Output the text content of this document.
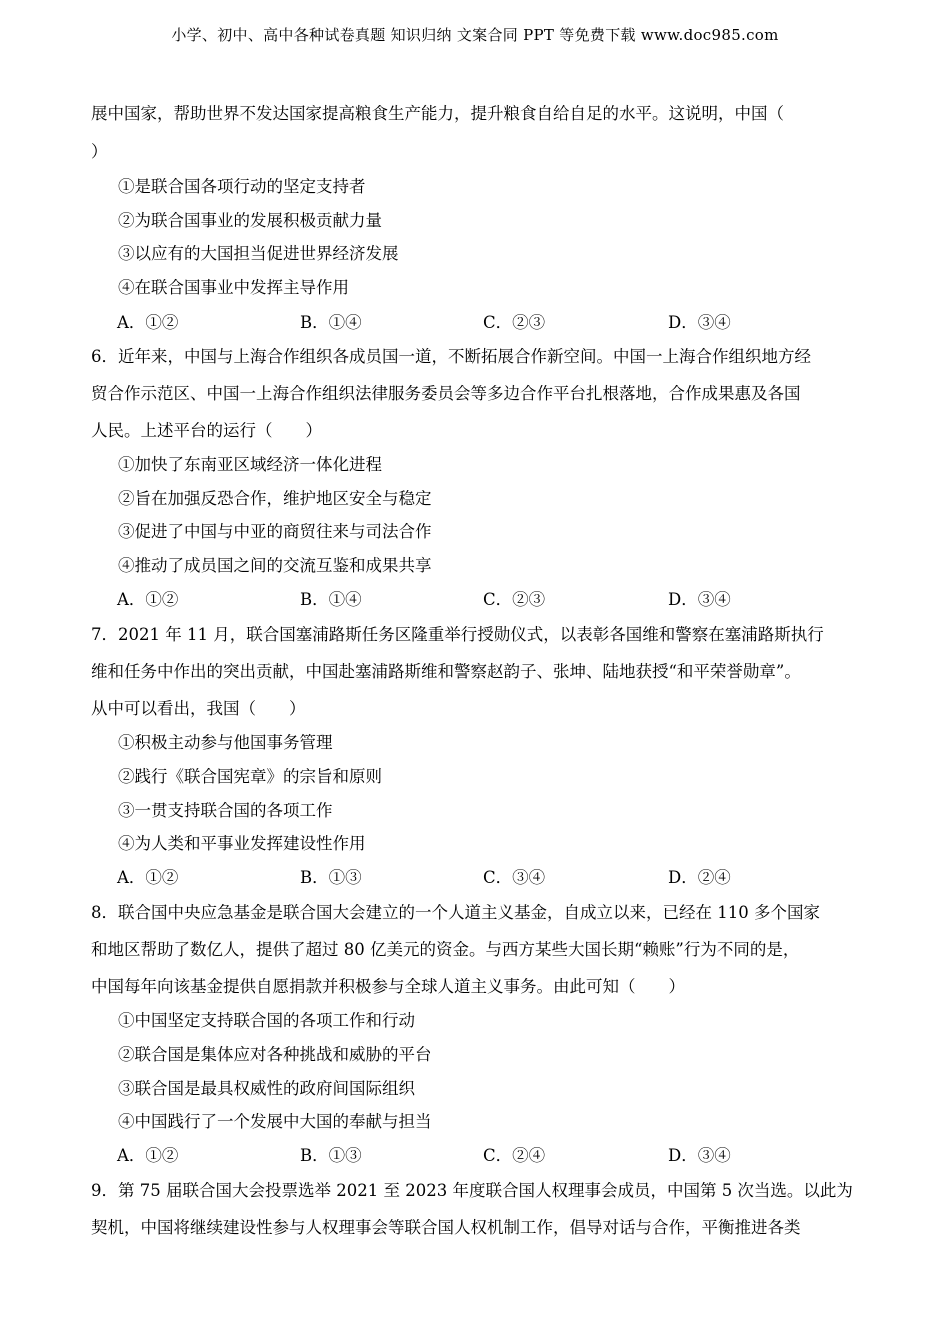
小学、初中、高中各种试卷真题 知识归纳 文案合同 PPT 等免费下载 www.doc985.com
展中国家，帮助世界不发达国家提高粮食生产能力，提升粮食自给自足的水平。这说明，中国（
）
①是联合国各项行动的坚定支持者
②为联合国事业的发展积极贡献力量
③以应有的大国担当促进世界经济发展
④在联合国事业中发挥主导作用
A．①②	B．①④	C．②③	D．③④
6．近年来，中国与上海合作组织各成员国一道，不断拓展合作新空间。中国一上海合作组织地方经
贸合作示范区、中国一上海合作组织法律服务委员会等多边合作平台扎根落地，合作成果惠及各国
人民。上述平台的运行（　　）
①加快了东南亚区域经济一体化进程
②旨在加强反恐合作，维护地区安全与稳定
③促进了中国与中亚的商贸往来与司法合作
④推动了成员国之间的交流互鉴和成果共享
A．①②	B．①④	C．②③	D．③④
7．2021 年 11 月，联合国塞浦路斯任务区隆重举行授勋仪式，以表彰各国维和警察在塞浦路斯执行
维和任务中作出的突出贡献，中国赴塞浦路斯维和警察赵韵子、张坤、陆地获授“和平荣誉勋章”。
从中可以看出，我国（　　）
①积极主动参与他国事务管理
②践行《联合国宪章》的宗旨和原则
③一贯支持联合国的各项工作
④为人类和平事业发挥建设性作用
A．①②	B．①③	C．③④	D．②④
8．联合国中央应急基金是联合国大会建立的一个人道主义基金，自成立以来，已经在 110 多个国家
和地区帮助了数亿人，提供了超过 80 亿美元的资金。与西方某些大国长期“赖账”行为不同的是，
中国每年向该基金提供自愿捐款并积极参与全球人道主义事务。由此可知（　　）
①中国坚定支持联合国的各项工作和行动
②联合国是集体应对各种挑战和威胁的平台
③联合国是最具权威性的政府间国际组织
④中国践行了一个发展中大国的奉献与担当
A．①②	B．①③	C．②④	D．③④
9．第 75 届联合国大会投票选举 2021 至 2023 年度联合国人权理事会成员，中国第 5 次当选。以此为
契机，中国将继续建设性参与人权理事会等联合国人权机制工作，倡导对话与合作，平衡推进各类
